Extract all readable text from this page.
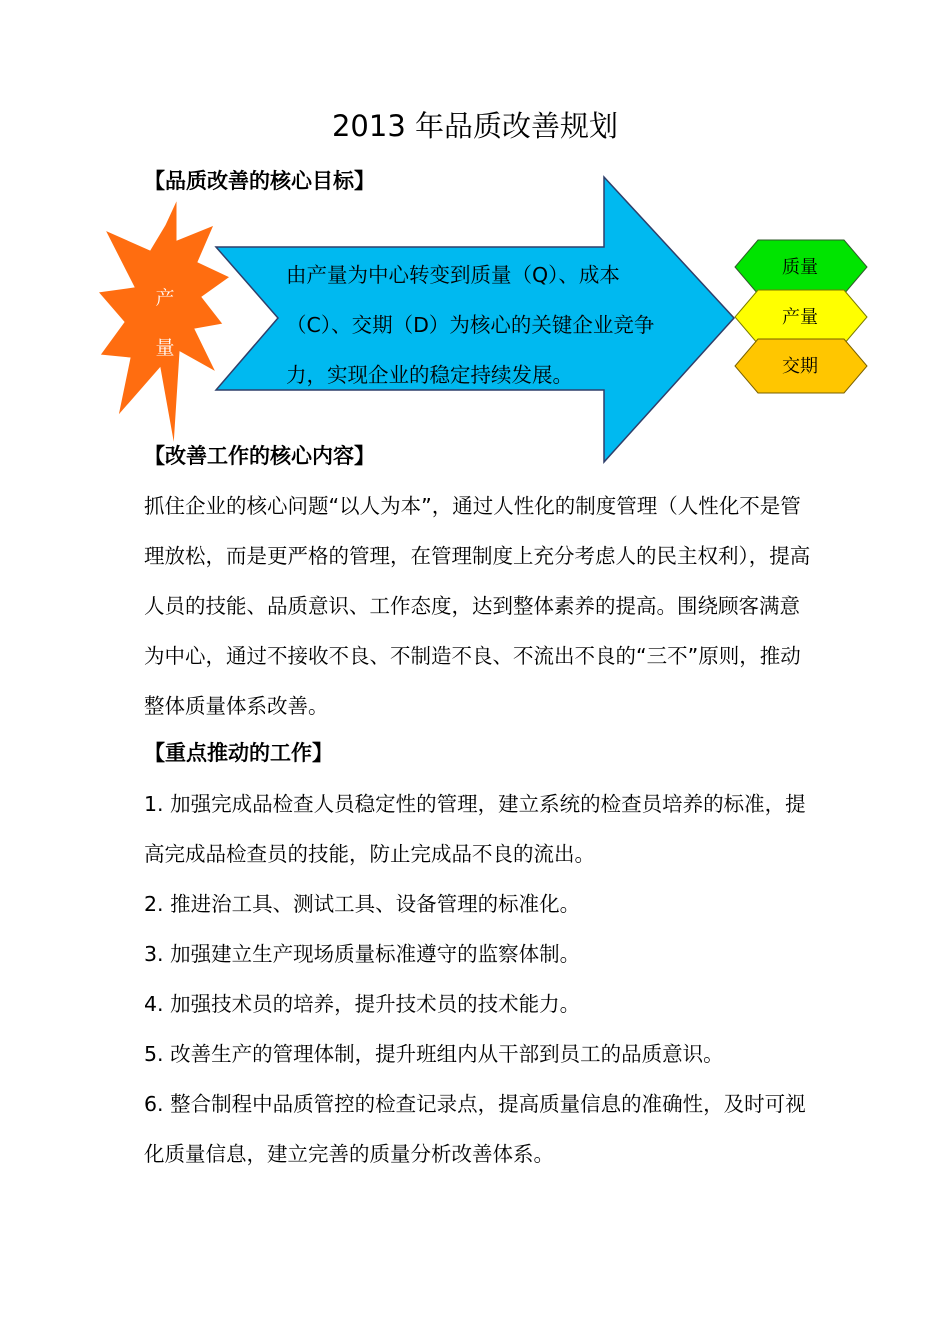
2013 年品质改善规划
【品质改善的核心目标】
产
量

由产量为中心转变到质量（Q）、成本（C）、交期（D）为核心的关键企业竞争力，实现企业的稳定持续发展。

质量
产量
交期
【改善工作的核心内容】

抓住企业的核心问题“以人为本”，通过人性化的制度管理（人性化不是管理放松，而是更严格的管理，在管理制度上充分考虑人的民主权利），提高人员的技能、品质意识、工作态度，达到整体素养的提高。围绕顾客满意为中心，通过不接收不良、不制造不良、不流出不良的“三不”原则，推动整体质量体系改善。

【重点推动的工作】
1. 加强完成品检查人员稳定性的管理，建立系统的检查员培养的标准，提高完成品检查员的技能，防止完成品不良的流出。
2. 推进治工具、测试工具、设备管理的标准化。
3. 加强建立生产现场质量标准遵守的监察体制。
4. 加强技术员的培养，提升技术员的技术能力。
5. 改善生产的管理体制，提升班组内从干部到员工的品质意识。
6. 整合制程中品质管控的检查记录点，提高质量信息的准确性，及时可视化质量信息，建立完善的质量分析改善体系。
